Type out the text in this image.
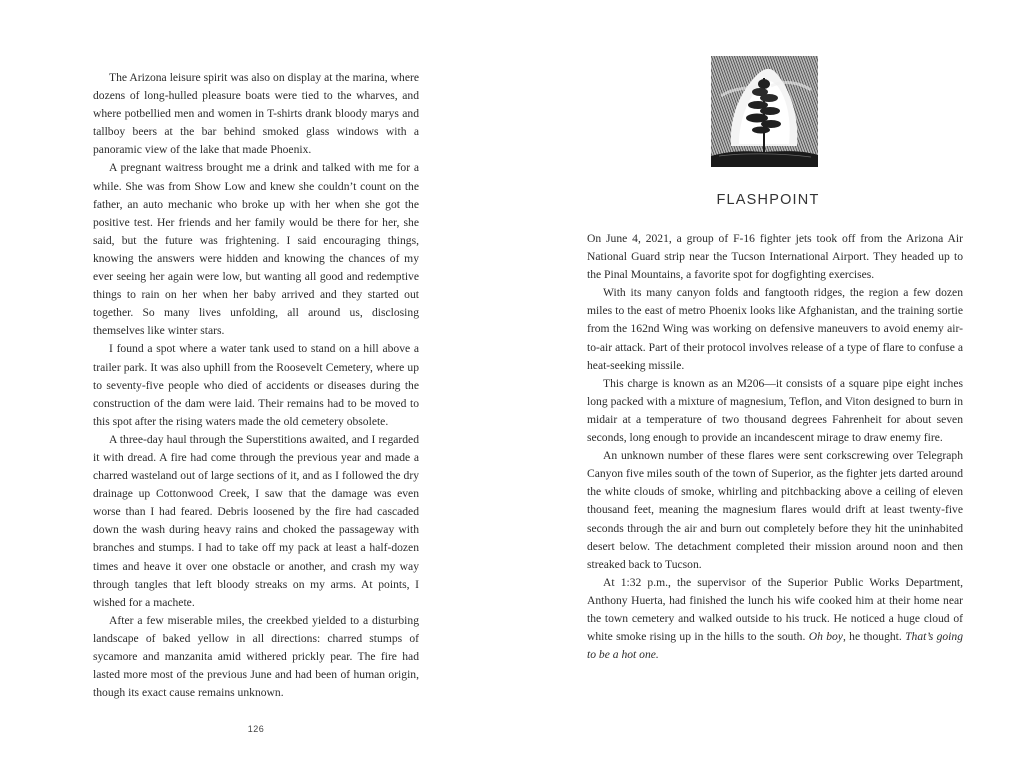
The Arizona leisure spirit was also on display at the marina, where dozens of long-hulled pleasure boats were tied to the wharves, and where potbellied men and women in T-shirts drank bloody marys and tallboy beers at the bar behind smoked glass windows with a panoramic view of the lake that made Phoenix.

A pregnant waitress brought me a drink and talked with me for a while. She was from Show Low and knew she couldn’t count on the father, an auto mechanic who broke up with her when she got the positive test. Her friends and her family would be there for her, she said, but the future was frightening. I said encouraging things, knowing the answers were hidden and knowing the chances of my ever seeing her again were low, but wanting all good and redemptive things to rain on her when her baby arrived and they started out together. So many lives unfolding, all around us, disclosing themselves like winter stars.

I found a spot where a water tank used to stand on a hill above a trailer park. It was also uphill from the Roosevelt Cemetery, where up to seventy-five people who died of accidents or diseases during the construction of the dam were laid. Their remains had to be moved to this spot after the rising waters made the old cemetery obsolete.

A three-day haul through the Superstitions awaited, and I regarded it with dread. A fire had come through the previous year and made a charred wasteland out of large sections of it, and as I followed the dry drainage up Cottonwood Creek, I saw that the damage was even worse than I had feared. Debris loosened by the fire had cascaded down the wash during heavy rains and choked the passageway with branches and stumps. I had to take off my pack at least a half-dozen times and heave it over one obstacle or another, and crash my way through tangles that left bloody streaks on my arms. At points, I wished for a machete.

After a few miserable miles, the creekbed yielded to a disturbing landscape of baked yellow in all directions: charred stumps of sycamore and manzanita amid withered prickly pear. The fire had lasted more most of the previous June and had been of human origin, though its exact cause remains unknown.

126
FLASHPOINT

On June 4, 2021, a group of F-16 fighter jets took off from the Arizona Air National Guard strip near the Tucson International Airport. They headed up to the Pinal Mountains, a favorite spot for dogfighting exercises.

With its many canyon folds and fangtooth ridges, the region a few dozen miles to the east of metro Phoenix looks like Afghanistan, and the training sortie from the 162nd Wing was working on defensive maneuvers to avoid enemy air-to-air attack. Part of their protocol involves release of a type of flare to confuse a heat-seeking missile.

This charge is known as an M206—it consists of a square pipe eight inches long packed with a mixture of magnesium, Teflon, and Viton designed to burn in midair at a temperature of two thousand degrees Fahrenheit for about seven seconds, long enough to provide an incandescent mirage to draw enemy fire.

An unknown number of these flares were sent corkscrewing over Telegraph Canyon five miles south of the town of Superior, as the fighter jets darted around the white clouds of smoke, whirling and pitchbacking above a ceiling of eleven thousand feet, meaning the magnesium flares would drift at least twenty-five seconds through the air and burn out completely before they hit the uninhabited desert below. The detachment completed their mission around noon and then streaked back to Tucson.

At 1:32 p.m., the supervisor of the Superior Public Works Department, Anthony Huerta, had finished the lunch his wife cooked him at their home near the town cemetery and walked outside to his truck. He noticed a huge cloud of white smoke rising up in the hills to the south. Oh boy, he thought. That’s going to be a hot one.
